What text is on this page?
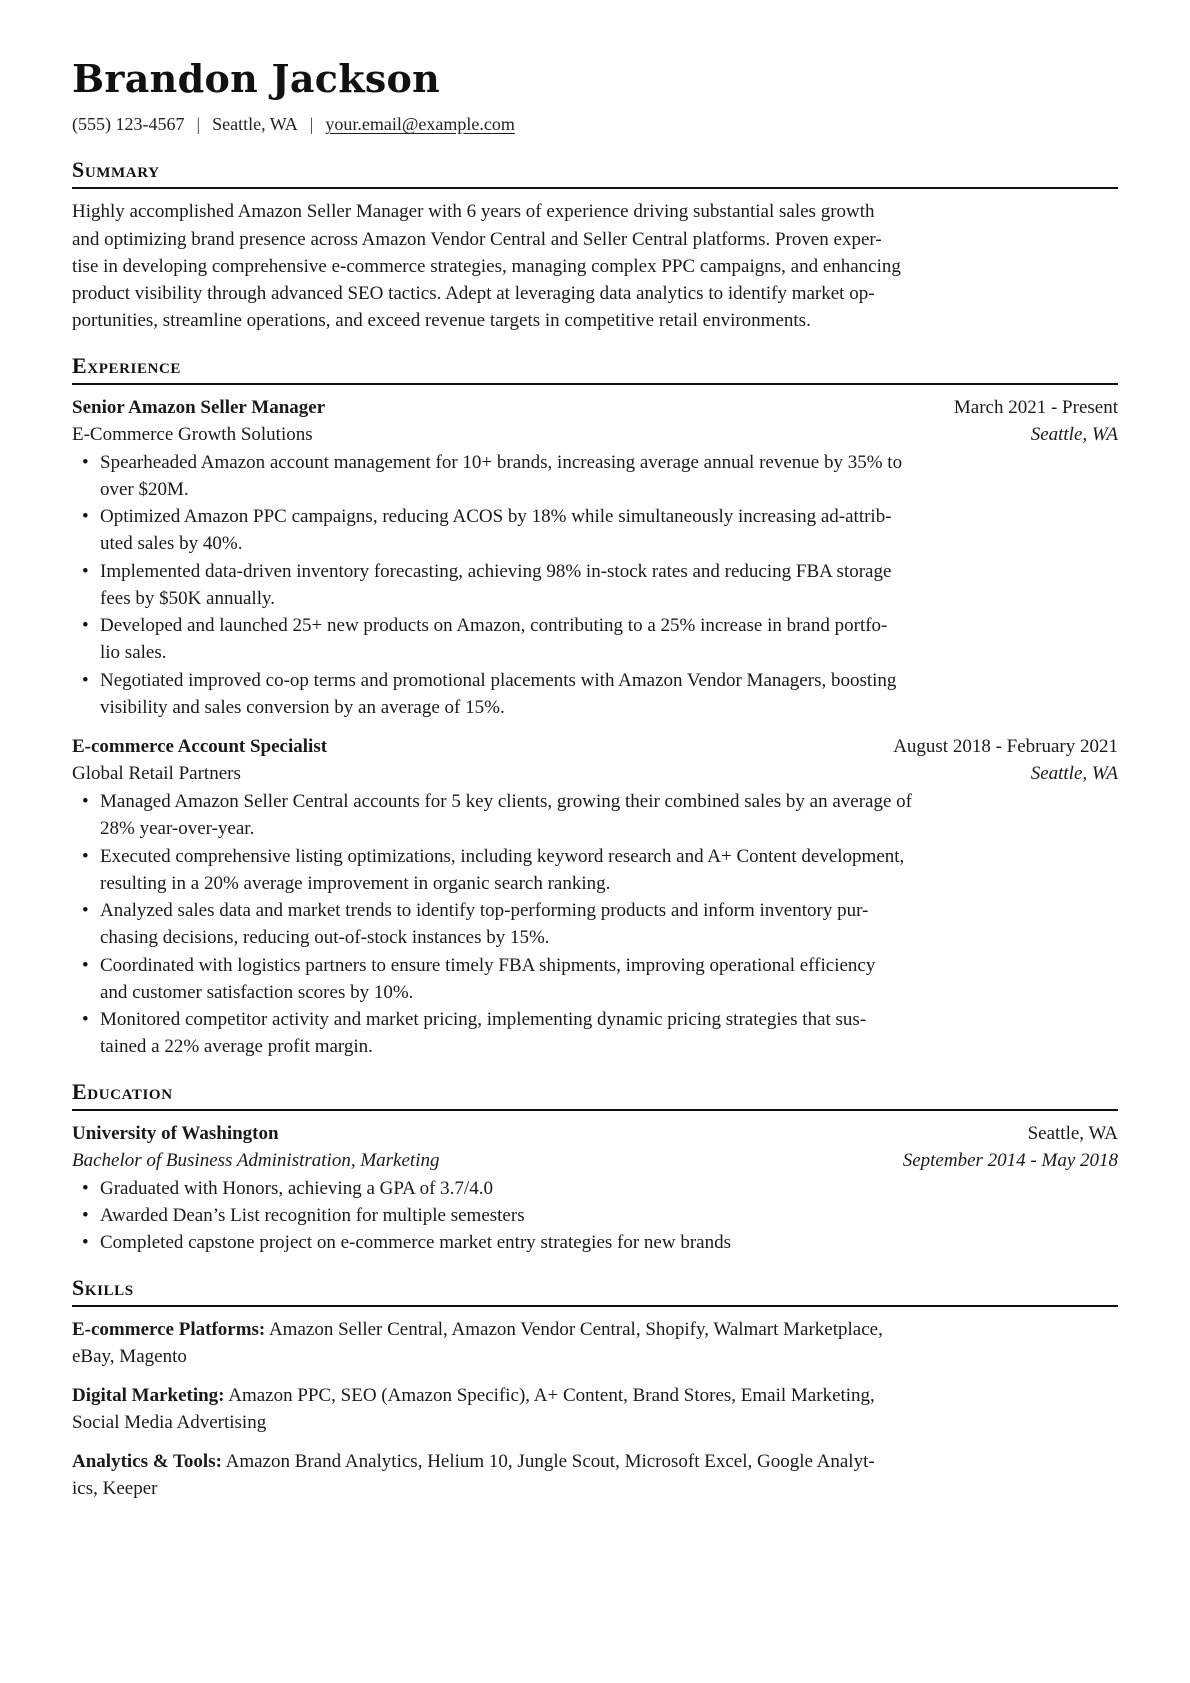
Brandon Jackson
(555) 123-4567 | Seattle, WA | your.email@example.com
Summary
Highly accomplished Amazon Seller Manager with 6 years of experience driving substantial sales growth
and optimizing brand presence across Amazon Vendor Central and Seller Central platforms. Proven exper-
tise in developing comprehensive e-commerce strategies, managing complex PPC campaigns, and enhancing
product visibility through advanced SEO tactics. Adept at leveraging data analytics to identify market op-
portunities, streamline operations, and exceed revenue targets in competitive retail environments.
Experience
Senior Amazon Seller Manager	March 2021 - Present
E-Commerce Growth Solutions	Seattle, WA
• Spearheaded Amazon account management for 10+ brands, increasing average annual revenue by 35% to
over $20M.
• Optimized Amazon PPC campaigns, reducing ACOS by 18% while simultaneously increasing ad-attrib-
uted sales by 40%.
• Implemented data-driven inventory forecasting, achieving 98% in-stock rates and reducing FBA storage
fees by $50K annually.
• Developed and launched 25+ new products on Amazon, contributing to a 25% increase in brand portfo-
lio sales.
• Negotiated improved co-op terms and promotional placements with Amazon Vendor Managers, boosting
visibility and sales conversion by an average of 15%.
E-commerce Account Specialist	August 2018 - February 2021
Global Retail Partners	Seattle, WA
• Managed Amazon Seller Central accounts for 5 key clients, growing their combined sales by an average of
28% year-over-year.
• Executed comprehensive listing optimizations, including keyword research and A+ Content development,
resulting in a 20% average improvement in organic search ranking.
• Analyzed sales data and market trends to identify top-performing products and inform inventory pur-
chasing decisions, reducing out-of-stock instances by 15%.
• Coordinated with logistics partners to ensure timely FBA shipments, improving operational efficiency
and customer satisfaction scores by 10%.
• Monitored competitor activity and market pricing, implementing dynamic pricing strategies that sus-
tained a 22% average profit margin.
Education
University of Washington	Seattle, WA
Bachelor of Business Administration, Marketing	September 2014 - May 2018
• Graduated with Honors, achieving a GPA of 3.7/4.0
• Awarded Dean’s List recognition for multiple semesters
• Completed capstone project on e-commerce market entry strategies for new brands
Skills
E-commerce Platforms: Amazon Seller Central, Amazon Vendor Central, Shopify, Walmart Marketplace,
eBay, Magento
Digital Marketing: Amazon PPC, SEO (Amazon Specific), A+ Content, Brand Stores, Email Marketing,
Social Media Advertising
Analytics & Tools: Amazon Brand Analytics, Helium 10, Jungle Scout, Microsoft Excel, Google Analyt-
ics, Keeper
